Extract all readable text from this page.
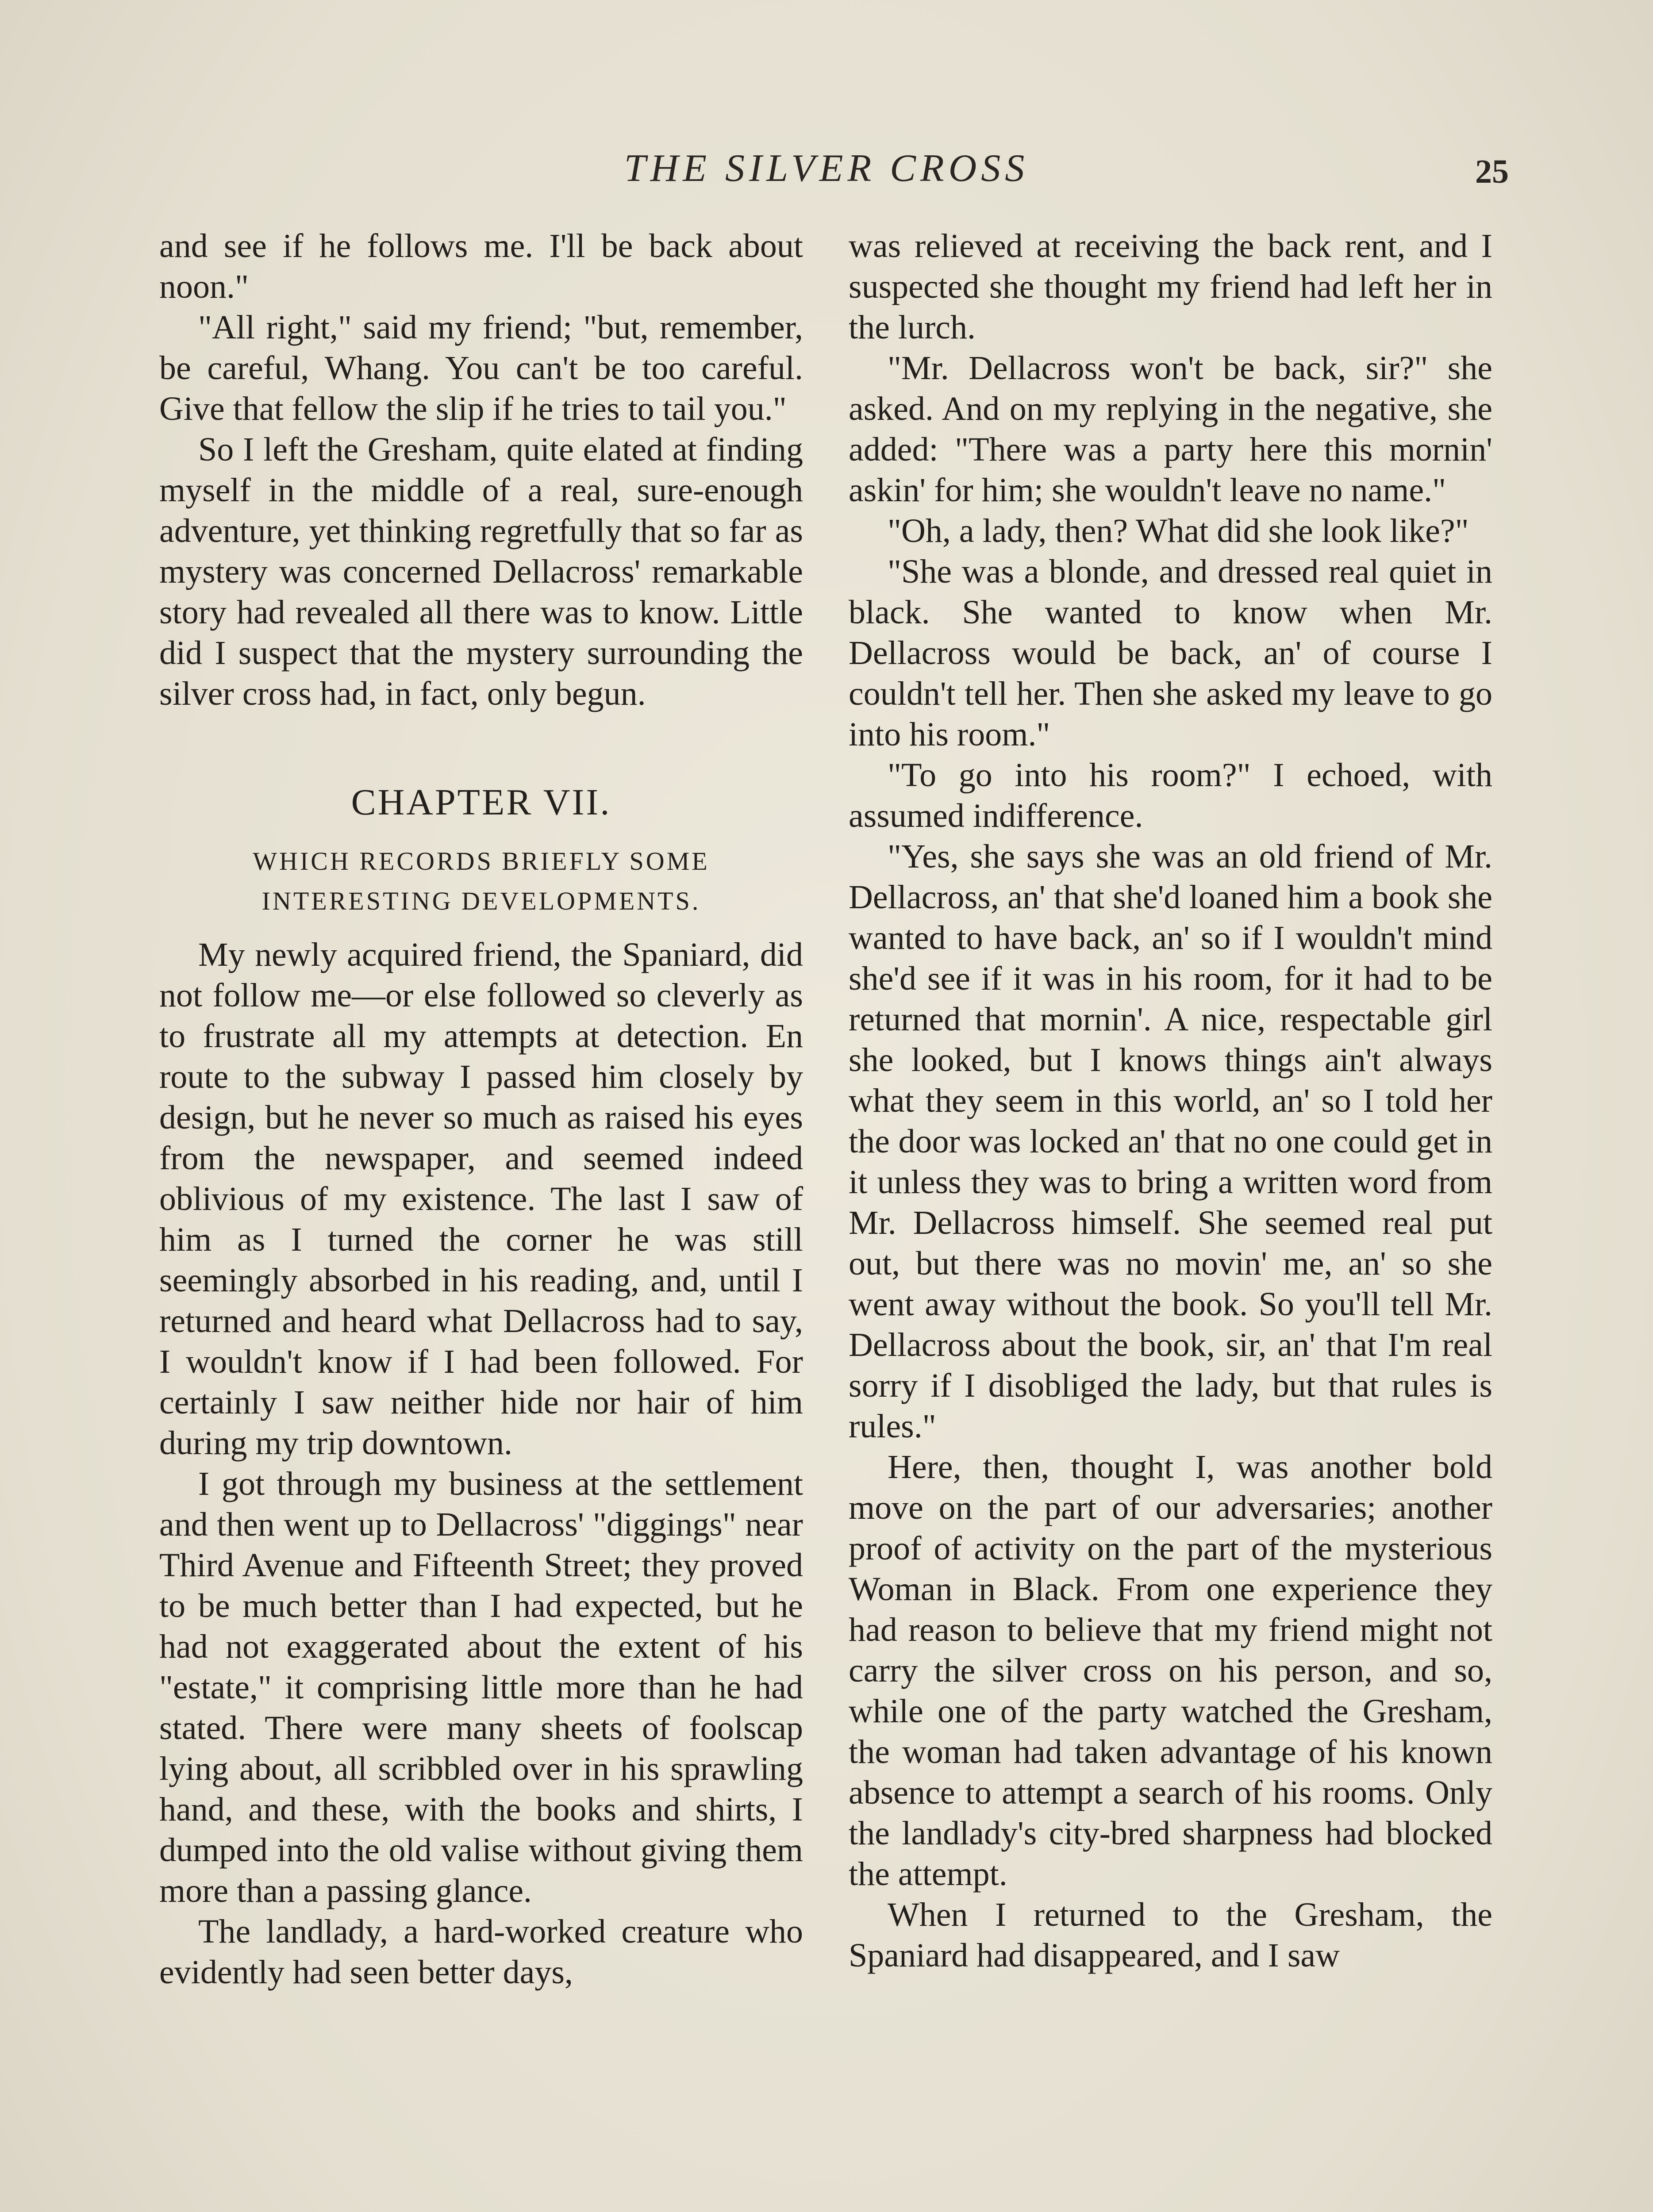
THE SILVER CROSS	25

and see if he follows me. I'll be back about noon."

"All right," said my friend; "but, remember, be careful, Whang. You can't be too careful. Give that fellow the slip if he tries to tail you."

So I left the Gresham, quite elated at finding myself in the middle of a real, sure-enough adventure, yet thinking regretfully that so far as mystery was concerned Dellacross' remarkable story had revealed all there was to know. Little did I suspect that the mystery surrounding the silver cross had, in fact, only begun.

CHAPTER VII.
WHICH RECORDS BRIEFLY SOME INTERESTING DEVELOPMENTS.

My newly acquired friend, the Spaniard, did not follow me—or else followed so cleverly as to frustrate all my attempts at detection. En route to the subway I passed him closely by design, but he never so much as raised his eyes from the newspaper, and seemed indeed oblivious of my existence. The last I saw of him as I turned the corner he was still seemingly absorbed in his reading, and, until I returned and heard what Dellacross had to say, I wouldn't know if I had been followed. For certainly I saw neither hide nor hair of him during my trip downtown.

I got through my business at the settlement and then went up to Dellacross' "diggings" near Third Avenue and Fifteenth Street; they proved to be much better than I had expected, but he had not exaggerated about the extent of his "estate," it comprising little more than he had stated. There were many sheets of foolscap lying about, all scribbled over in his sprawling hand, and these, with the books and shirts, I dumped into the old valise without giving them more than a passing glance.

The landlady, a hard-worked creature who evidently had seen better days,

was relieved at receiving the back rent, and I suspected she thought my friend had left her in the lurch.

"Mr. Dellacross won't be back, sir?" she asked. And on my replying in the negative, she added: "There was a party here this mornin' askin' for him; she wouldn't leave no name."

"Oh, a lady, then? What did she look like?"

"She was a blonde, and dressed real quiet in black. She wanted to know when Mr. Dellacross would be back, an' of course I couldn't tell her. Then she asked my leave to go into his room."

"To go into his room?" I echoed, with assumed indifference.

"Yes, she says she was an old friend of Mr. Dellacross, an' that she'd loaned him a book she wanted to have back, an' so if I wouldn't mind she'd see if it was in his room, for it had to be returned that mornin'. A nice, respectable girl she looked, but I knows things ain't always what they seem in this world, an' so I told her the door was locked an' that no one could get in it unless they was to bring a written word from Mr. Dellacross himself. She seemed real put out, but there was no movin' me, an' so she went away without the book. So you'll tell Mr. Dellacross about the book, sir, an' that I'm real sorry if I disobliged the lady, but that rules is rules."

Here, then, thought I, was another bold move on the part of our adversaries; another proof of activity on the part of the mysterious Woman in Black. From one experience they had reason to believe that my friend might not carry the silver cross on his person, and so, while one of the party watched the Gresham, the woman had taken advantage of his known absence to attempt a search of his rooms. Only the landlady's city-bred sharpness had blocked the attempt.

When I returned to the Gresham, the Spaniard had disappeared, and I saw
